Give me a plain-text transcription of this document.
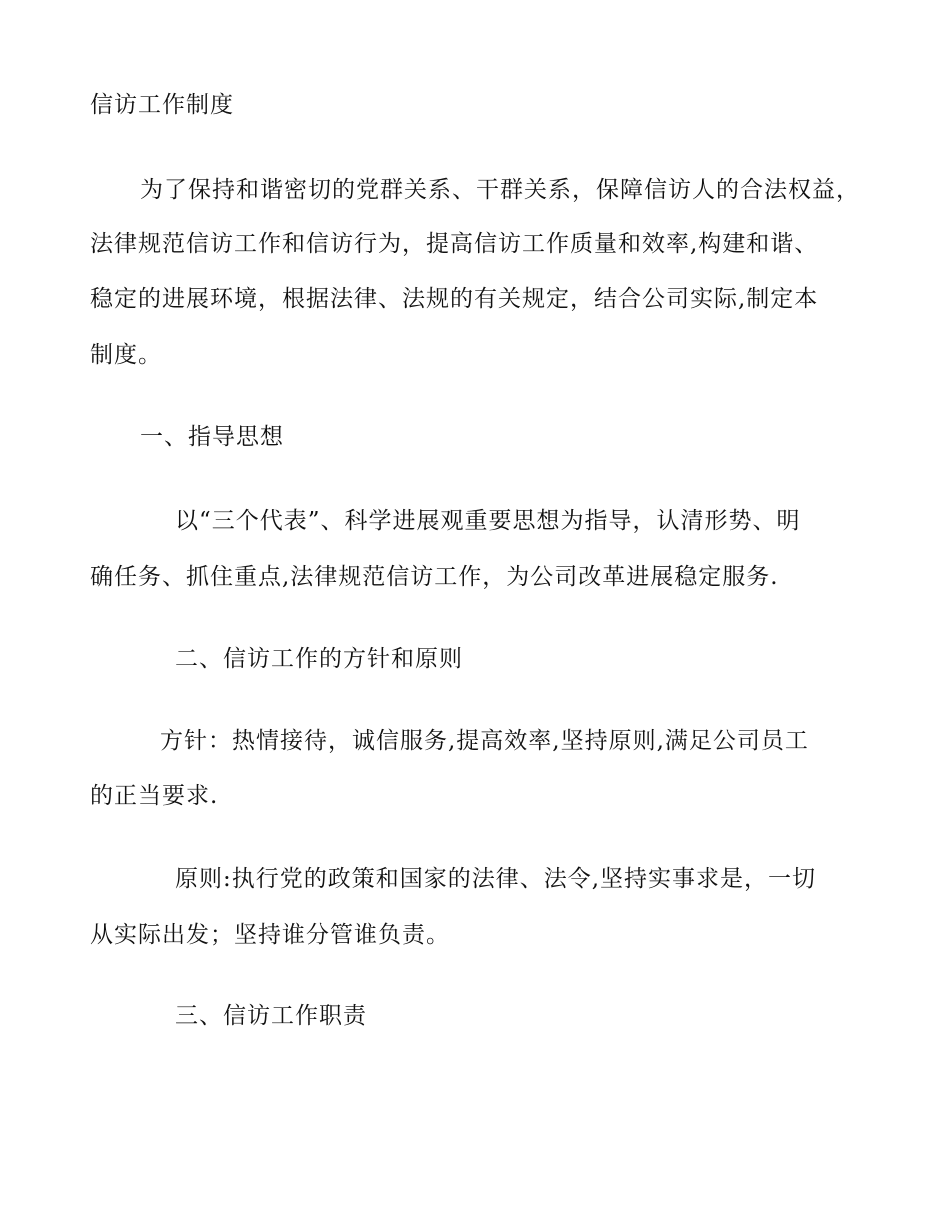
信访工作制度
为了保持和谐密切的党群关系、干群关系，保障信访人的合法权益，
法律规范信访工作和信访行为，提高信访工作质量和效率,构建和谐、
稳定的进展环境，根据法律、法规的有关规定，结合公司实际,制定本
制度。
一、指导思想
以“三个代表”、科学进展观重要思想为指导，认清形势、明
确任务、抓住重点,法律规范信访工作，为公司改革进展稳定服务.
二、信访工作的方针和原则
方针：热情接待，诚信服务,提高效率,坚持原则,满足公司员工
的正当要求.
原则:执行党的政策和国家的法律、法令,坚持实事求是，一切
从实际出发；坚持谁分管谁负责。
三、信访工作职责
